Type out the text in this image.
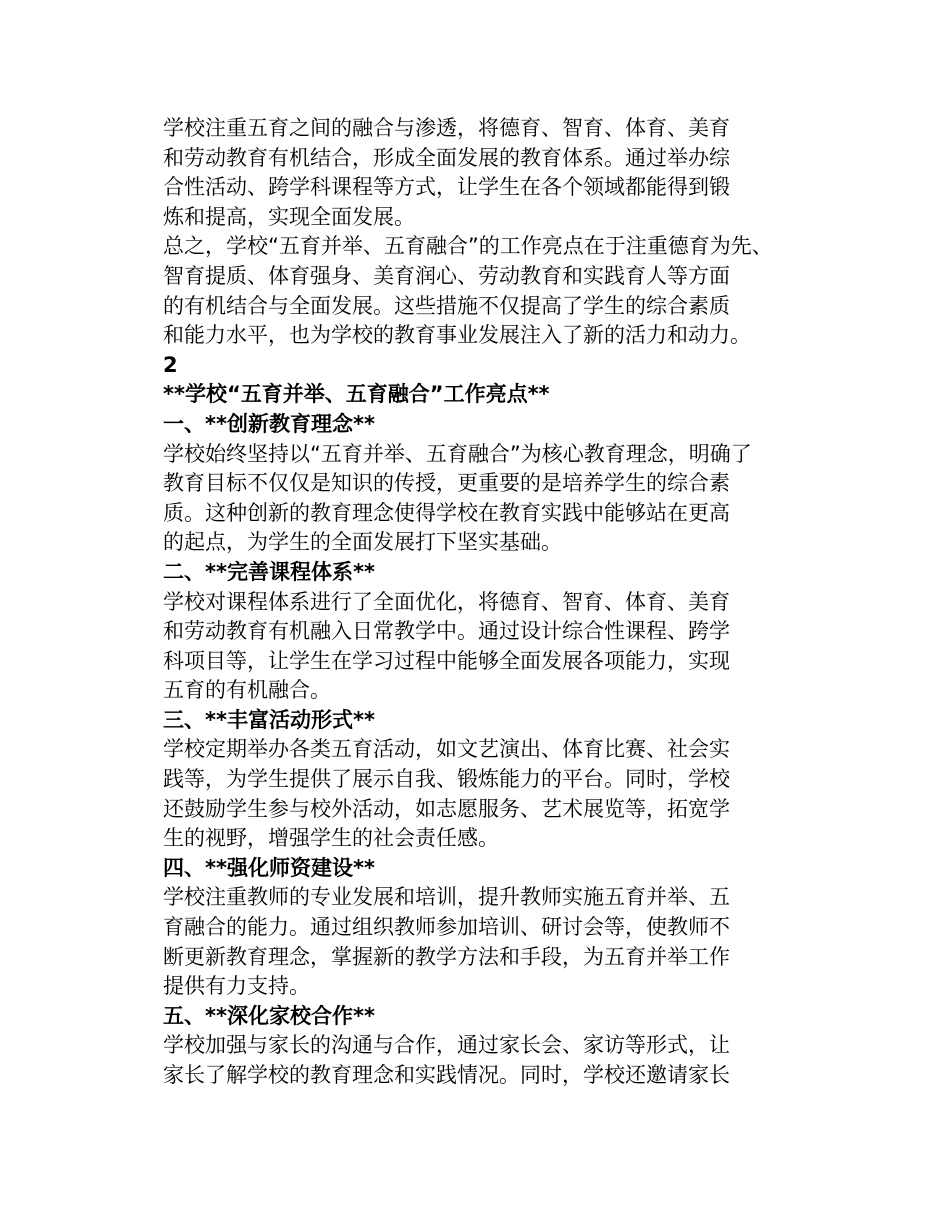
学校注重五育之间的融合与渗透，将德育、智育、体育、美育
和劳动教育有机结合，形成全面发展的教育体系。通过举办综
合性活动、跨学科课程等方式，让学生在各个领域都能得到锻
炼和提高，实现全面发展。
总之，学校“五育并举、五育融合”的工作亮点在于注重德育为先、
智育提质、体育强身、美育润心、劳动教育和实践育人等方面
的有机结合与全面发展。这些措施不仅提高了学生的综合素质
和能力水平，也为学校的教育事业发展注入了新的活力和动力。
2
**学校“五育并举、五育融合”工作亮点**
一、**创新教育理念**
学校始终坚持以“五育并举、五育融合”为核心教育理念，明确了
教育目标不仅仅是知识的传授，更重要的是培养学生的综合素
质。这种创新的教育理念使得学校在教育实践中能够站在更高
的起点，为学生的全面发展打下坚实基础。
二、**完善课程体系**
学校对课程体系进行了全面优化，将德育、智育、体育、美育
和劳动教育有机融入日常教学中。通过设计综合性课程、跨学
科项目等，让学生在学习过程中能够全面发展各项能力，实现
五育的有机融合。
三、**丰富活动形式**
学校定期举办各类五育活动，如文艺演出、体育比赛、社会实
践等，为学生提供了展示自我、锻炼能力的平台。同时，学校
还鼓励学生参与校外活动，如志愿服务、艺术展览等，拓宽学
生的视野，增强学生的社会责任感。
四、**强化师资建设**
学校注重教师的专业发展和培训，提升教师实施五育并举、五
育融合的能力。通过组织教师参加培训、研讨会等，使教师不
断更新教育理念，掌握新的教学方法和手段，为五育并举工作
提供有力支持。
五、**深化家校合作**
学校加强与家长的沟通与合作，通过家长会、家访等形式，让
家长了解学校的教育理念和实践情况。同时，学校还邀请家长
